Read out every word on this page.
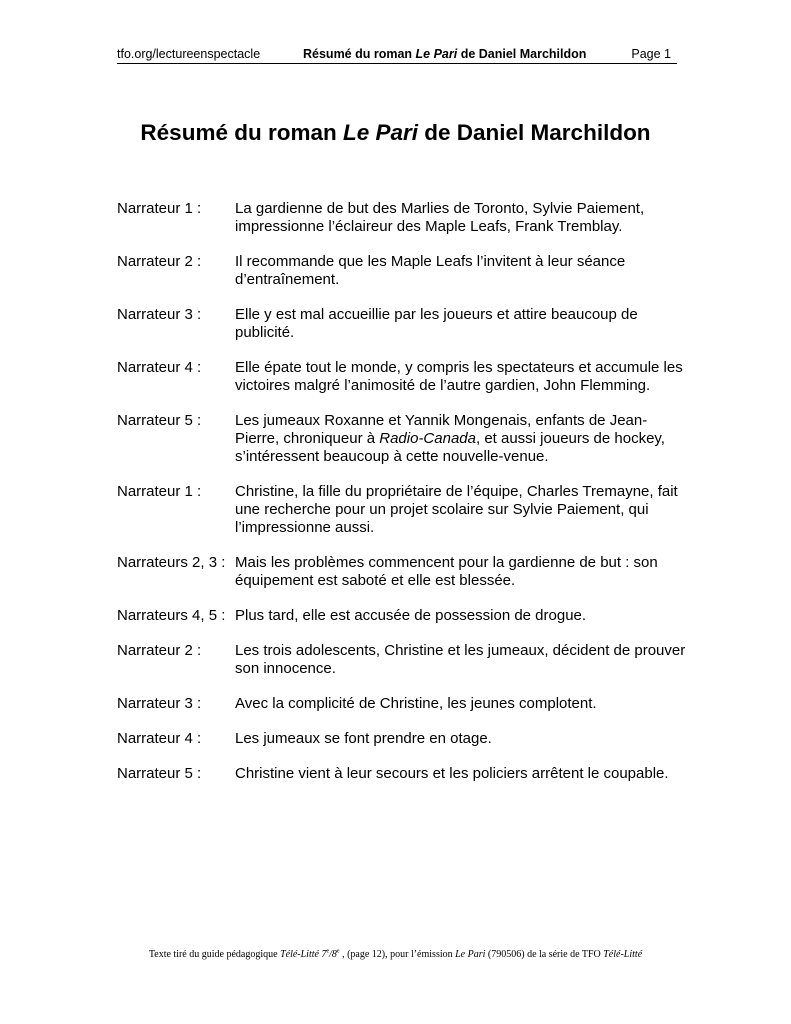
tfo.org/lectureenspectacle	Résumé du roman Le Pari de Daniel Marchildon	Page 1
Résumé du roman Le Pari de Daniel Marchildon
Narrateur 1 :	La gardienne de but des Marlies de Toronto, Sylvie Paiement, impressionne l’éclaireur des Maple Leafs, Frank Tremblay.
Narrateur 2 :	Il recommande que les Maple Leafs l’invitent à leur séance d’entraînement.
Narrateur 3 :	Elle y est mal accueillie par les joueurs et attire beaucoup de publicité.
Narrateur 4 :	Elle épate tout le monde, y compris les spectateurs et accumule les victoires malgré l’animosité de l’autre gardien, John Flemming.
Narrateur 5 :	Les jumeaux Roxanne et Yannik Mongenais, enfants de Jean-Pierre, chroniqueur à Radio-Canada, et aussi joueurs de hockey, s’intéressent beaucoup à cette nouvelle-venue.
Narrateur 1 :	Christine, la fille du propriétaire de l’équipe, Charles Tremayne, fait une recherche pour un projet scolaire sur Sylvie Paiement, qui l’impressionne aussi.
Narrateurs 2, 3 : Mais les problèmes commencent pour la gardienne de but : son équipement est saboté et elle est blessée.
Narrateurs 4, 5 : Plus tard, elle est accusée de possession de drogue.
Narrateur 2 :	Les trois adolescents, Christine et les jumeaux, décident de prouver son innocence.
Narrateur 3 :	Avec la complicité de Christine, les jeunes complotent.
Narrateur 4 :	Les jumeaux se font prendre en otage.
Narrateur 5 :	Christine vient à leur secours et les policiers arrêtent le coupable.
Texte tiré du guide pédagogique Télé-Litté 7e/8e , (page 12), pour l’émission Le Pari (790506) de la série de TFO Télé-Litté
